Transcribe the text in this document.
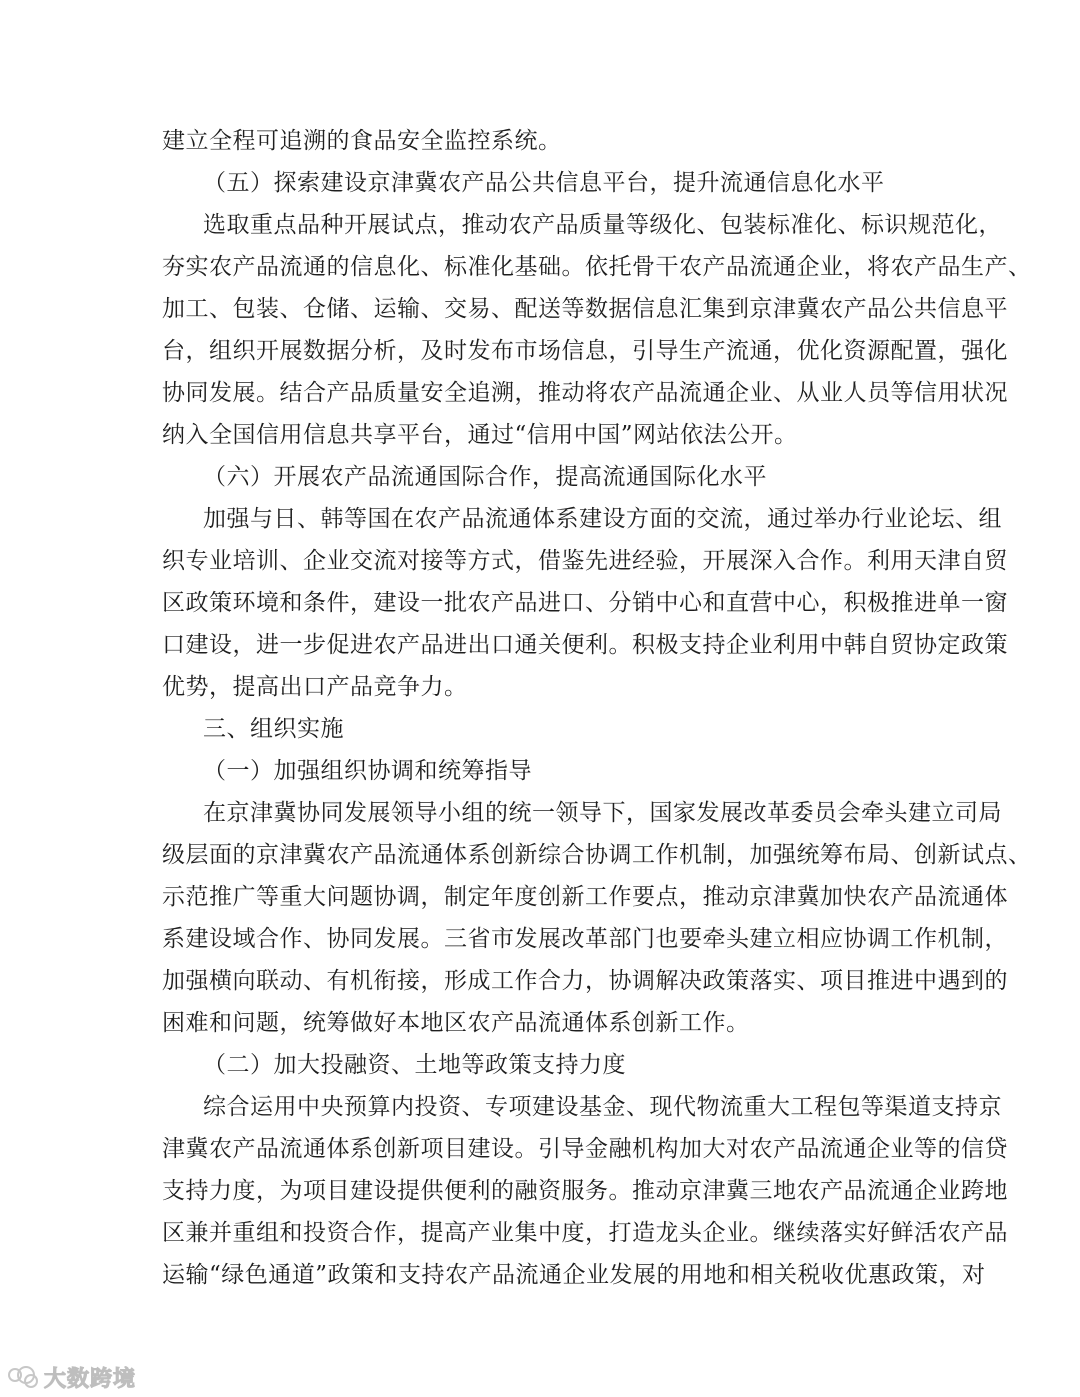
建立全程可追溯的食品安全监控系统。
（五）探索建设京津冀农产品公共信息平台，提升流通信息化水平
选取重点品种开展试点，推动农产品质量等级化、包装标准化、标识规范化，
夯实农产品流通的信息化、标准化基础。依托骨干农产品流通企业，将农产品生产、
加工、包装、仓储、运输、交易、配送等数据信息汇集到京津冀农产品公共信息平
台，组织开展数据分析，及时发布市场信息，引导生产流通，优化资源配置，强化
协同发展。结合产品质量安全追溯，推动将农产品流通企业、从业人员等信用状况
纳入全国信用信息共享平台，通过“信用中国”网站依法公开。
（六）开展农产品流通国际合作，提高流通国际化水平
加强与日、韩等国在农产品流通体系建设方面的交流，通过举办行业论坛、组
织专业培训、企业交流对接等方式，借鉴先进经验，开展深入合作。利用天津自贸
区政策环境和条件，建设一批农产品进口、分销中心和直营中心，积极推进单一窗
口建设，进一步促进农产品进出口通关便利。积极支持企业利用中韩自贸协定政策
优势，提高出口产品竞争力。
三、组织实施
（一）加强组织协调和统筹指导
在京津冀协同发展领导小组的统一领导下，国家发展改革委员会牵头建立司局
级层面的京津冀农产品流通体系创新综合协调工作机制，加强统筹布局、创新试点、
示范推广等重大问题协调，制定年度创新工作要点，推动京津冀加快农产品流通体
系建设域合作、协同发展。三省市发展改革部门也要牵头建立相应协调工作机制，
加强横向联动、有机衔接，形成工作合力，协调解决政策落实、项目推进中遇到的
困难和问题，统筹做好本地区农产品流通体系创新工作。
（二）加大投融资、土地等政策支持力度
综合运用中央预算内投资、专项建设基金、现代物流重大工程包等渠道支持京
津冀农产品流通体系创新项目建设。引导金融机构加大对农产品流通企业等的信贷
支持力度，为项目建设提供便利的融资服务。推动京津冀三地农产品流通企业跨地
区兼并重组和投资合作，提高产业集中度，打造龙头企业。继续落实好鲜活农产品
运输“绿色通道”政策和支持农产品流通企业发展的用地和相关税收优惠政策，对
大数跨境
